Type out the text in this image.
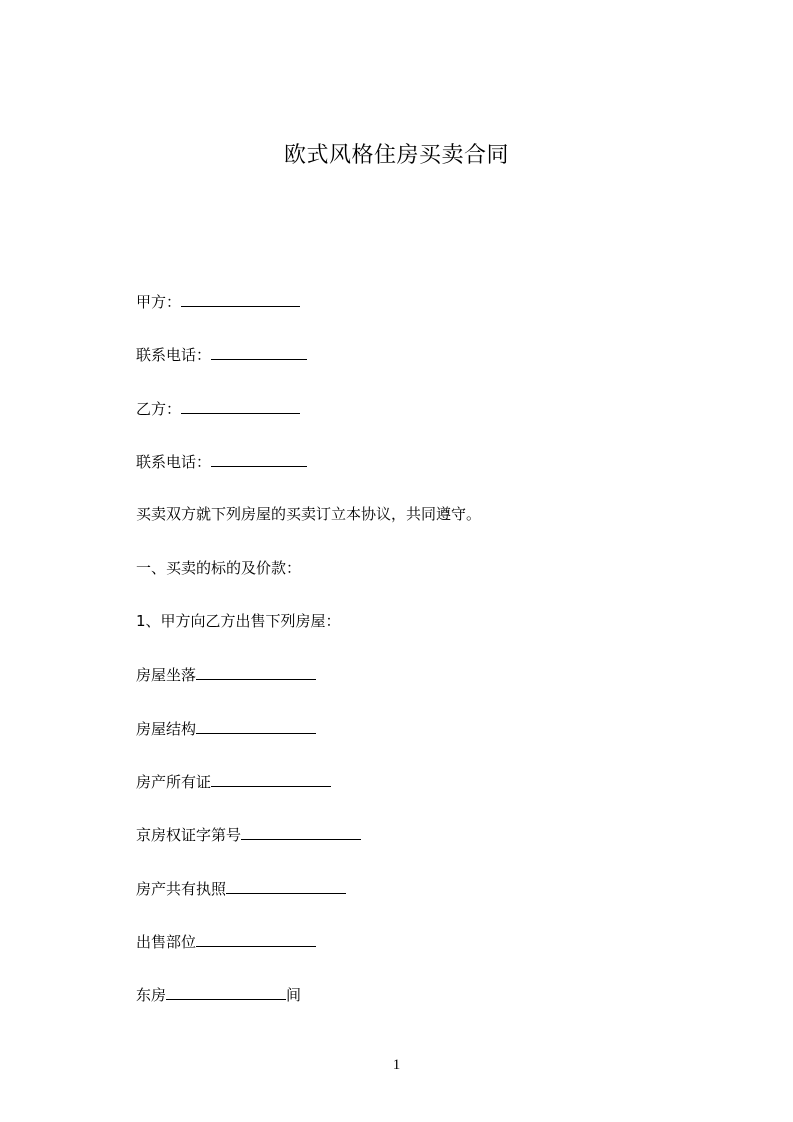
欧式风格住房买卖合同
甲方：
联系电话：
乙方：
联系电话：
买卖双方就下列房屋的买卖订立本协议，共同遵守。
一、买卖的标的及价款：
1、甲方向乙方出售下列房屋：
房屋坐落
房屋结构
房产所有证
京房权证字第号
房产共有执照
出售部位
东房	间
1
